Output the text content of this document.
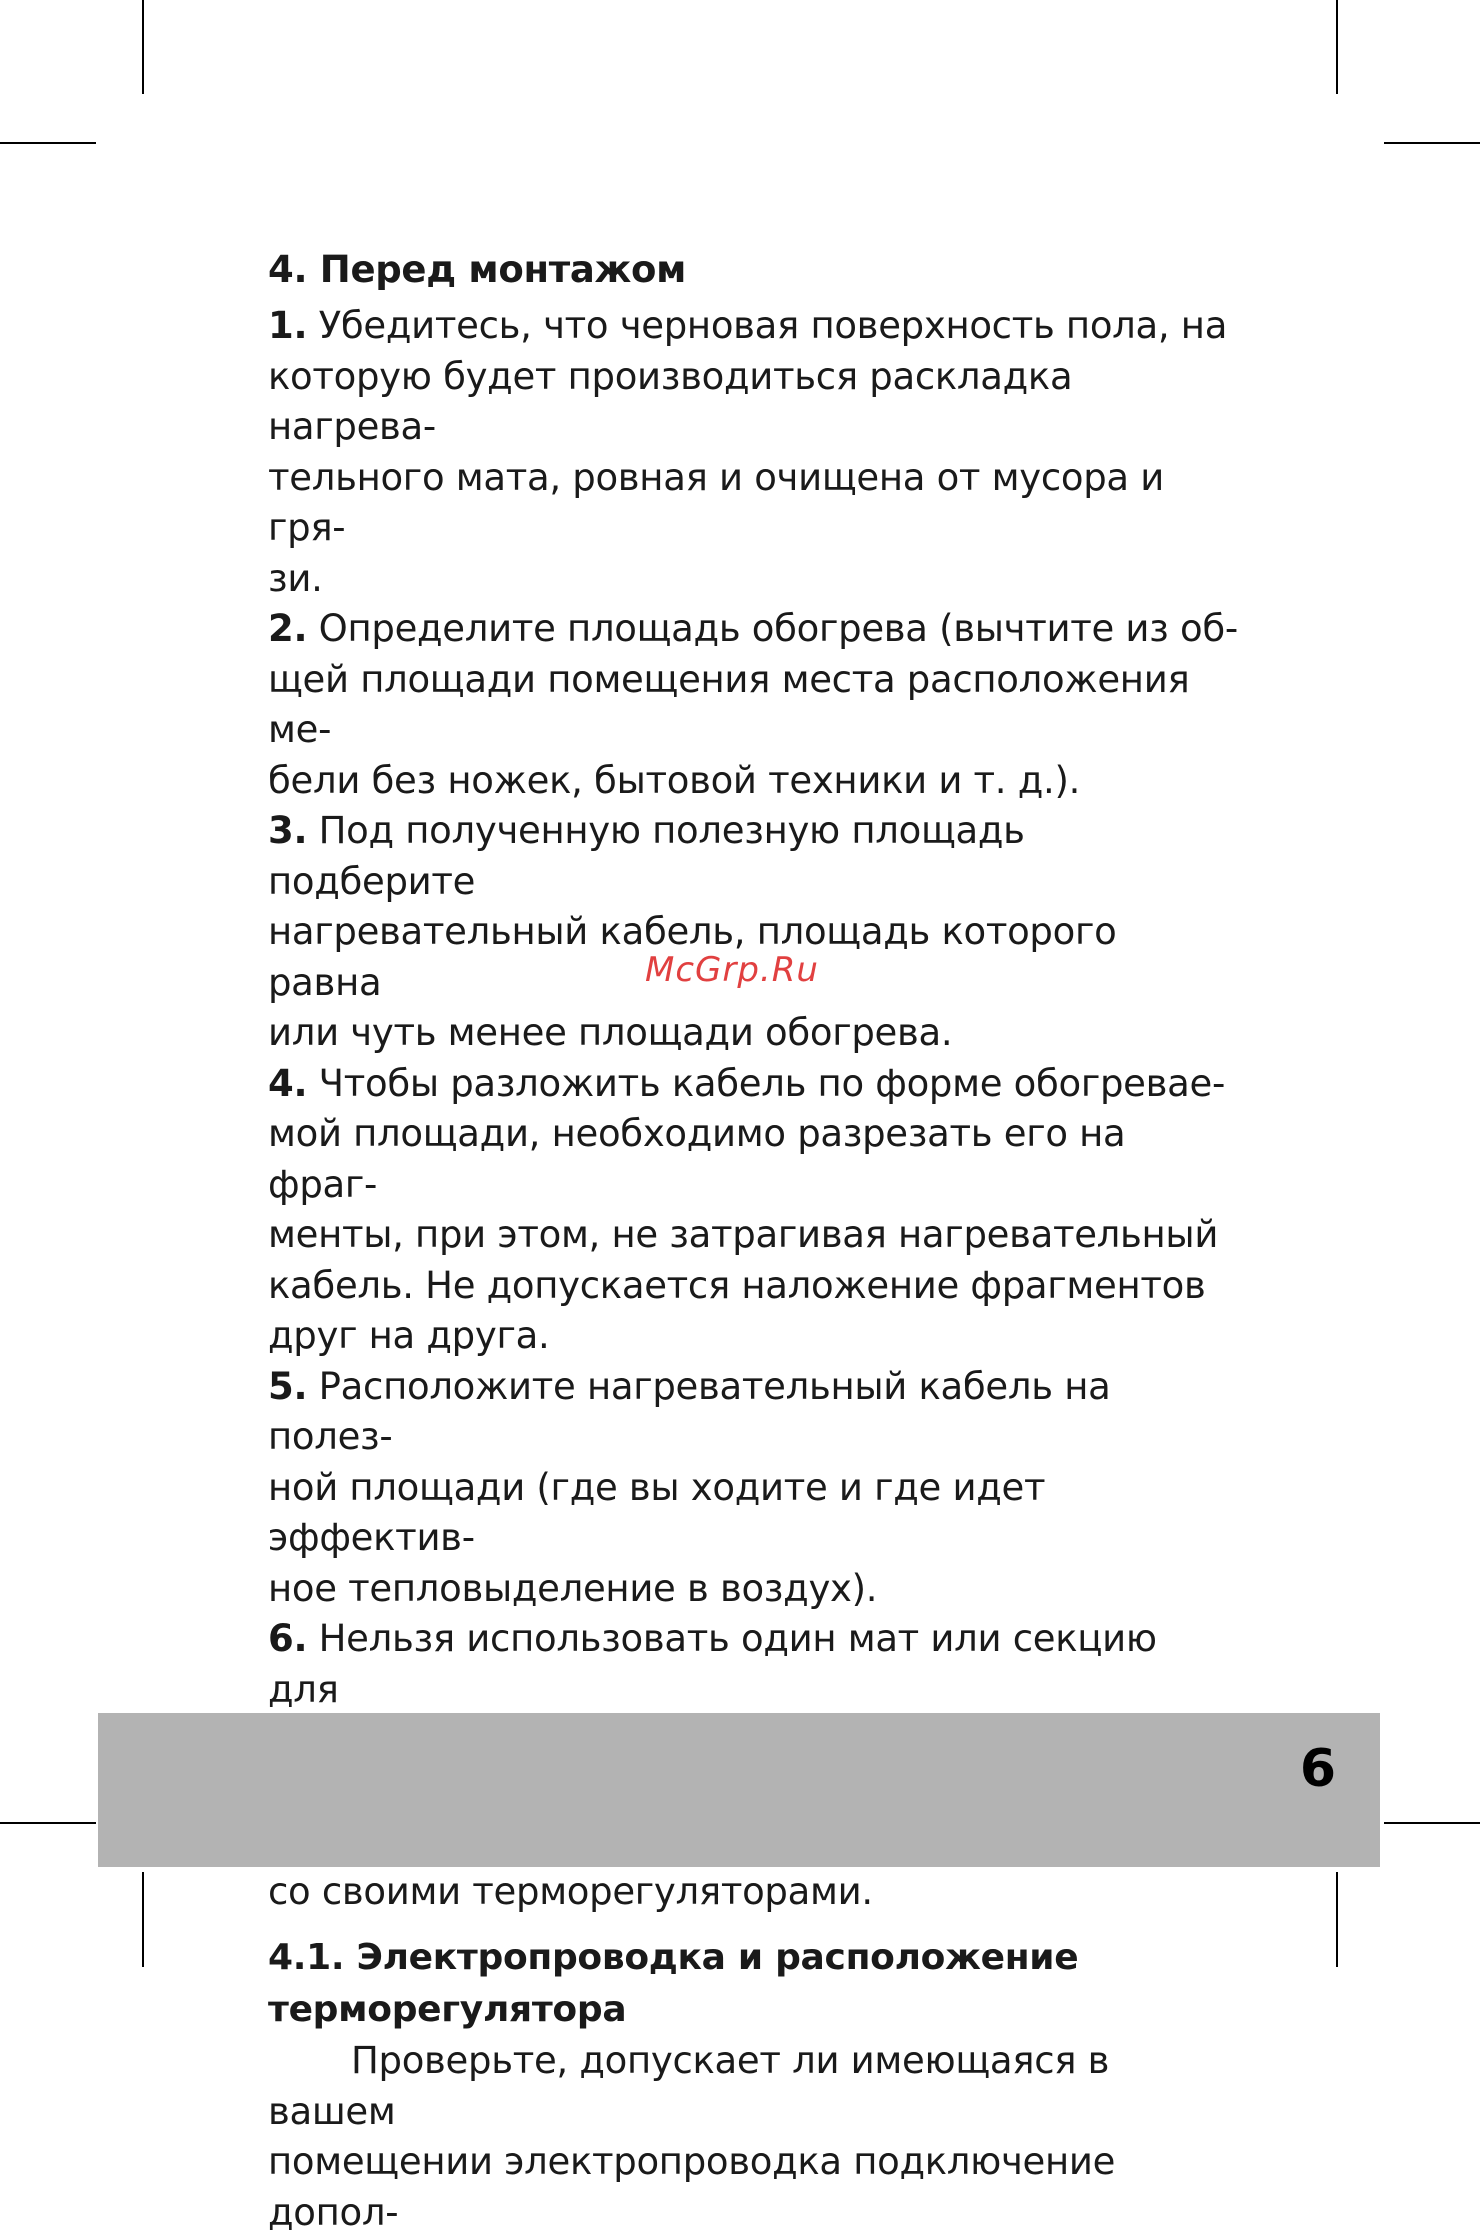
4. Перед монтажом

1. Убедитесь, что черновая поверхность пола, на
которую будет производиться раскладка нагрева-
тельного мата, ровная и очищена от мусора и гря-
зи.

2. Определите площадь обогрева (вычтите из об-
щей площади помещения места расположения ме-
бели без ножек, бытовой техники и т. д.).

3. Под полученную полезную площадь подберите
нагревательный кабель, площадь которого равна
или чуть менее площади обогрева.

4. Чтобы разложить кабель по форме обогревае-
мой площади, необходимо разрезать его на фраг-
менты, при этом, не затрагивая нагревательный
кабель. Не допускается наложение фрагментов
друг на друга.

5. Расположите нагревательный кабель на полез-
ной площади (где вы ходите и где идет эффектив-
ное тепловыделение в воздух).

6. Нельзя использовать один мат или секцию для

со своими терморегуляторами.

4.1. Электропроводка и расположение
терморегулятора

Проверьте, допускает ли имеющаяся в вашем
помещении электропроводка подключение допол-

McGrp.Ru
6
